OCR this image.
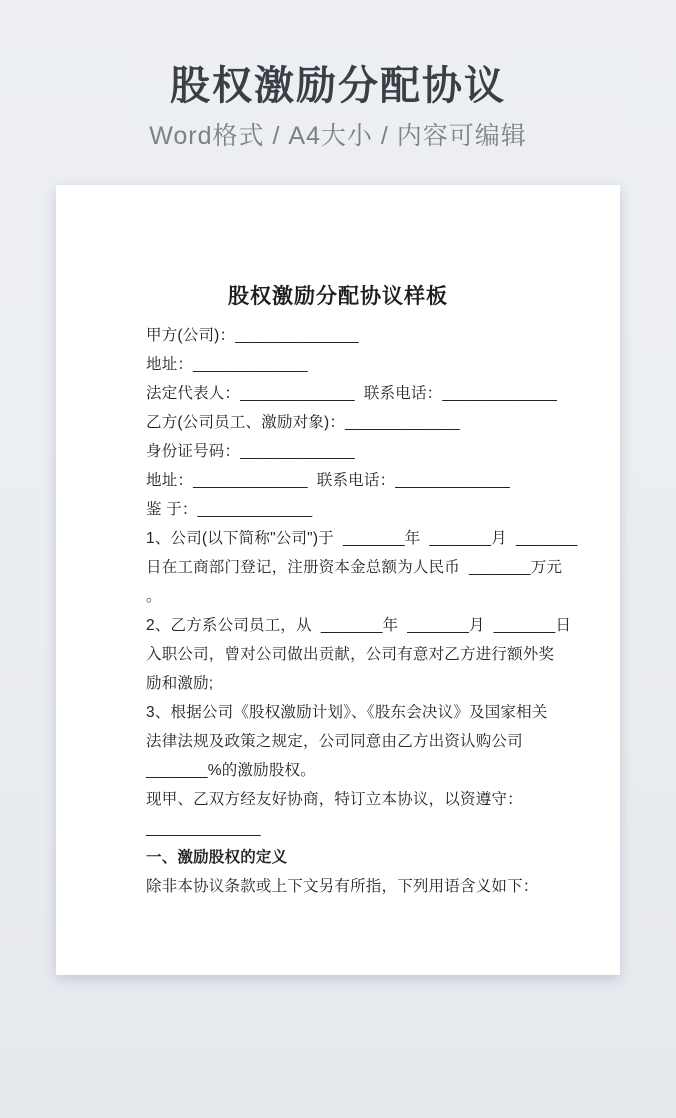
股权激励分配协议
Word格式 / A4大小 / 内容可编辑
股权激励分配协议样板
甲方(公司)：______________
地址：_____________
法定代表人：_____________  联系电话：_____________
乙方(公司员工、激励对象)：_____________
身份证号码：_____________
地址：_____________  联系电话：_____________
鉴 于：_____________
1、公司(以下简称"公司")于  _______年  _______月  _______
日在工商部门登记，注册资本金总额为人民币  _______万元
。
2、乙方系公司员工，从  _______年  _______月  _______日
入职公司，曾对公司做出贡献，公司有意对乙方进行额外奖
励和激励;
3、根据公司《股权激励计划》、《股东会决议》及国家相关
法律法规及政策之规定，公司同意由乙方出资认购公司
_______%的激励股权。
现甲、乙双方经友好协商，特订立本协议，以资遵守：
_____________
一、激励股权的定义
除非本协议条款或上下文另有所指，下列用语含义如下：
